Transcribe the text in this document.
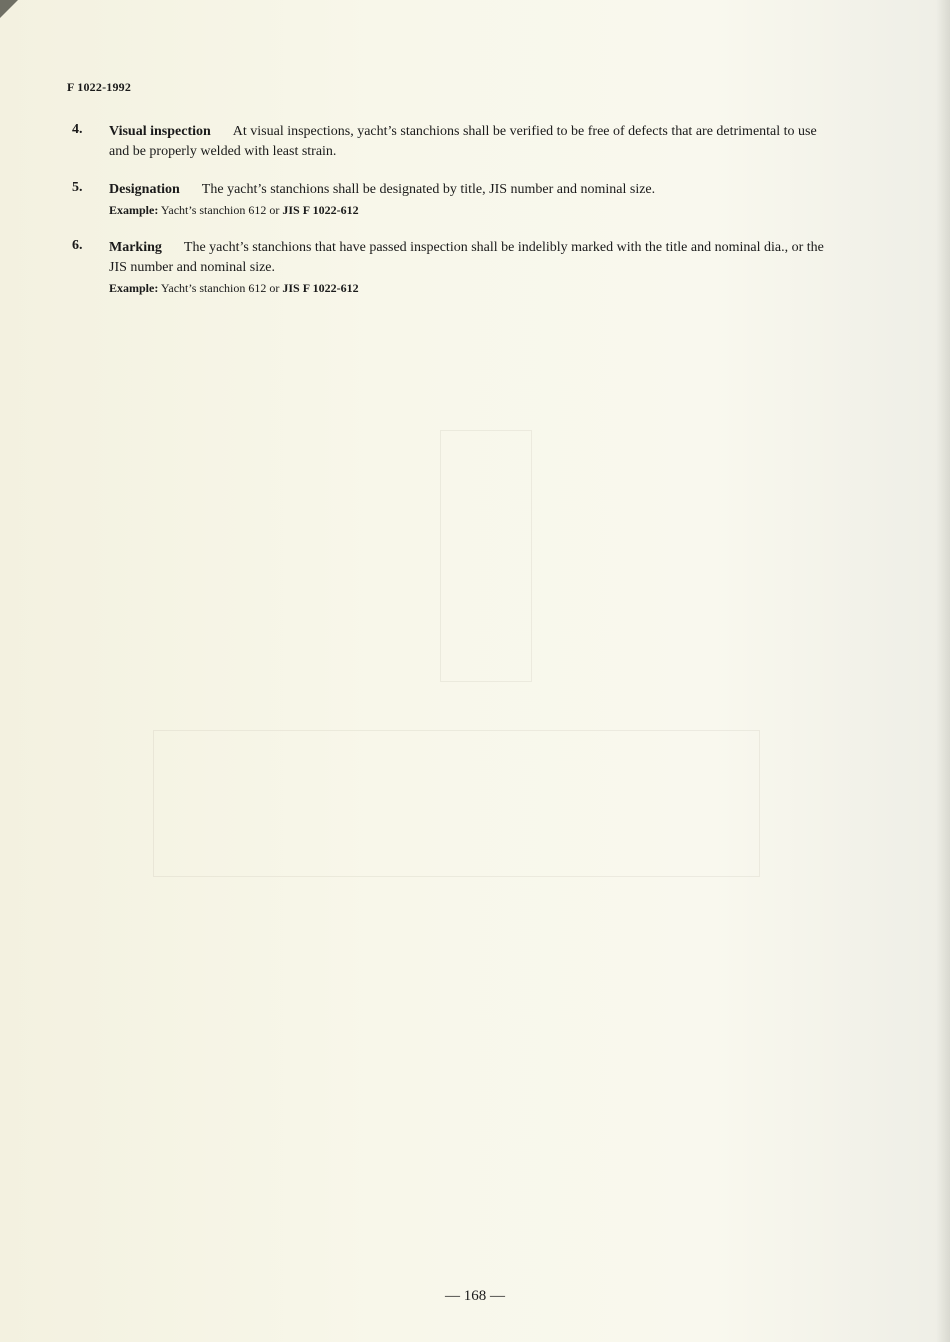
F 1022-1992
4. Visual inspection At visual inspections, yacht’s stanchions shall be verified to be free of defects that are detrimental to use and be properly welded with least strain.
5. Designation The yacht’s stanchions shall be designated by title, JIS number and nominal size.
Example: Yacht’s stanchion 612 or JIS F 1022-612
6. Marking The yacht’s stanchions that have passed inspection shall be indelibly marked with the title and nominal dia., or the JIS number and nominal size.
Example: Yacht’s stanchion 612 or JIS F 1022-612
— 168 —
